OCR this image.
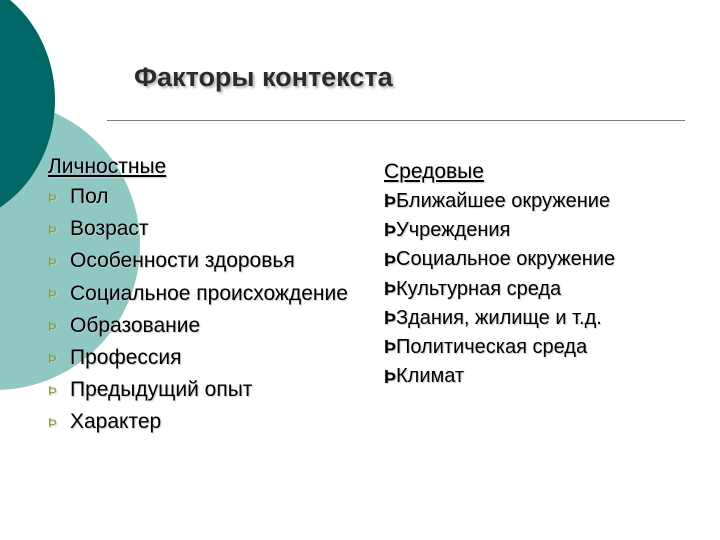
Факторы контекста
Личностные
Þ Пол
Þ Возраст
Þ Особенности здоровья
Þ Социальное происхождение
Þ Образование
Þ Профессия
Þ Предыдущий опыт
Þ Характер
Средовые
ÞБлижайшее окружение
ÞУчреждения
ÞСоциальное окружение
ÞКультурная среда
ÞЗдания, жилище и т.д.
ÞПолитическая среда
ÞКлимат
